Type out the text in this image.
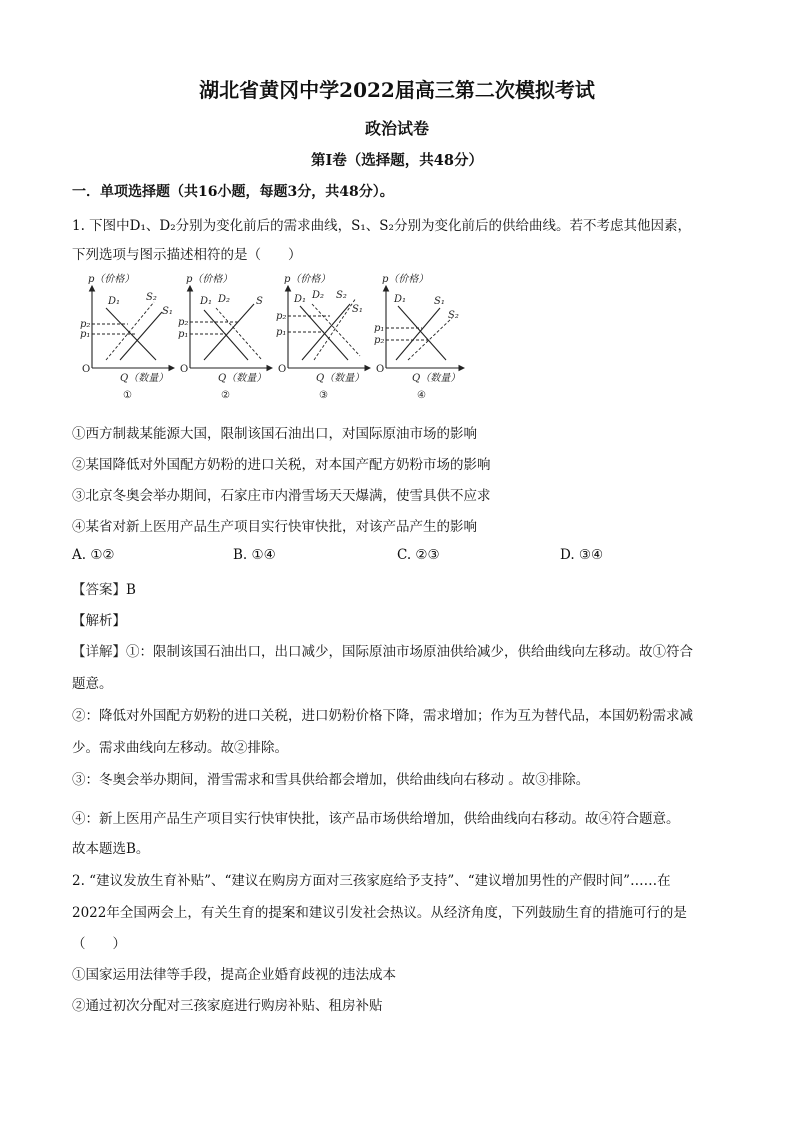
湖北省黄冈中学2022届高三第二次模拟考试
政治试卷
第Ⅰ卷（选择题，共48分）
一．单项选择题（共16小题，每题3分，共48分）。
1. 下图中D₁、D₂分别为变化前后的需求曲线，S₁、S₂分别为变化前后的供给曲线。若不考虑其他因素，
下列选项与图示描述相符的是（　　）
p（价格）
Q（数量）
①
O
D₁	S₂
S₁
p₂
p₁
p（价格）
Q（数量）
②
O
D₁ D₂	S
p₂
p₁
p（价格）
Q（数量）
③
O
D₁ D₂ S₂
S₁
p₂
p₁
p（价格）
Q（数量）
④
O
D₁	S₁
S₂
p₁
p₂
①西方制裁某能源大国，限制该国石油出口，对国际原油市场的影响
②某国降低对外国配方奶粉的进口关税，对本国产配方奶粉市场的影响
③北京冬奥会举办期间，石家庄市内滑雪场天天爆满，使雪具供不应求
④某省对新上医用产品生产项目实行快审快批，对该产品产生的影响
A. ①②	B. ①④	C. ②③	D. ③④
【答案】B
【解析】
【详解】①：限制该国石油出口，出口减少，国际原油市场原油供给减少，供给曲线向左移动。故①符合
题意。
②：降低对外国配方奶粉的进口关税，进口奶粉价格下降，需求增加；作为互为替代品，本国奶粉需求减
少。需求曲线向左移动。故②排除。
③：冬奥会举办期间，滑雪需求和雪具供给都会增加，供给曲线向右移动 。故③排除。
④：新上医用产品生产项目实行快审快批，该产品市场供给增加，供给曲线向右移动。故④符合题意。
故本题选B。
2. “建议发放生育补贴”、“建议在购房方面对三孩家庭给予支持”、“建议增加男性的产假时间”……在
2022年全国两会上，有关生育的提案和建议引发社会热议。从经济角度，下列鼓励生育的措施可行的是
（　　）
①国家运用法律等手段，提高企业婚育歧视的违法成本
②通过初次分配对三孩家庭进行购房补贴、租房补贴
